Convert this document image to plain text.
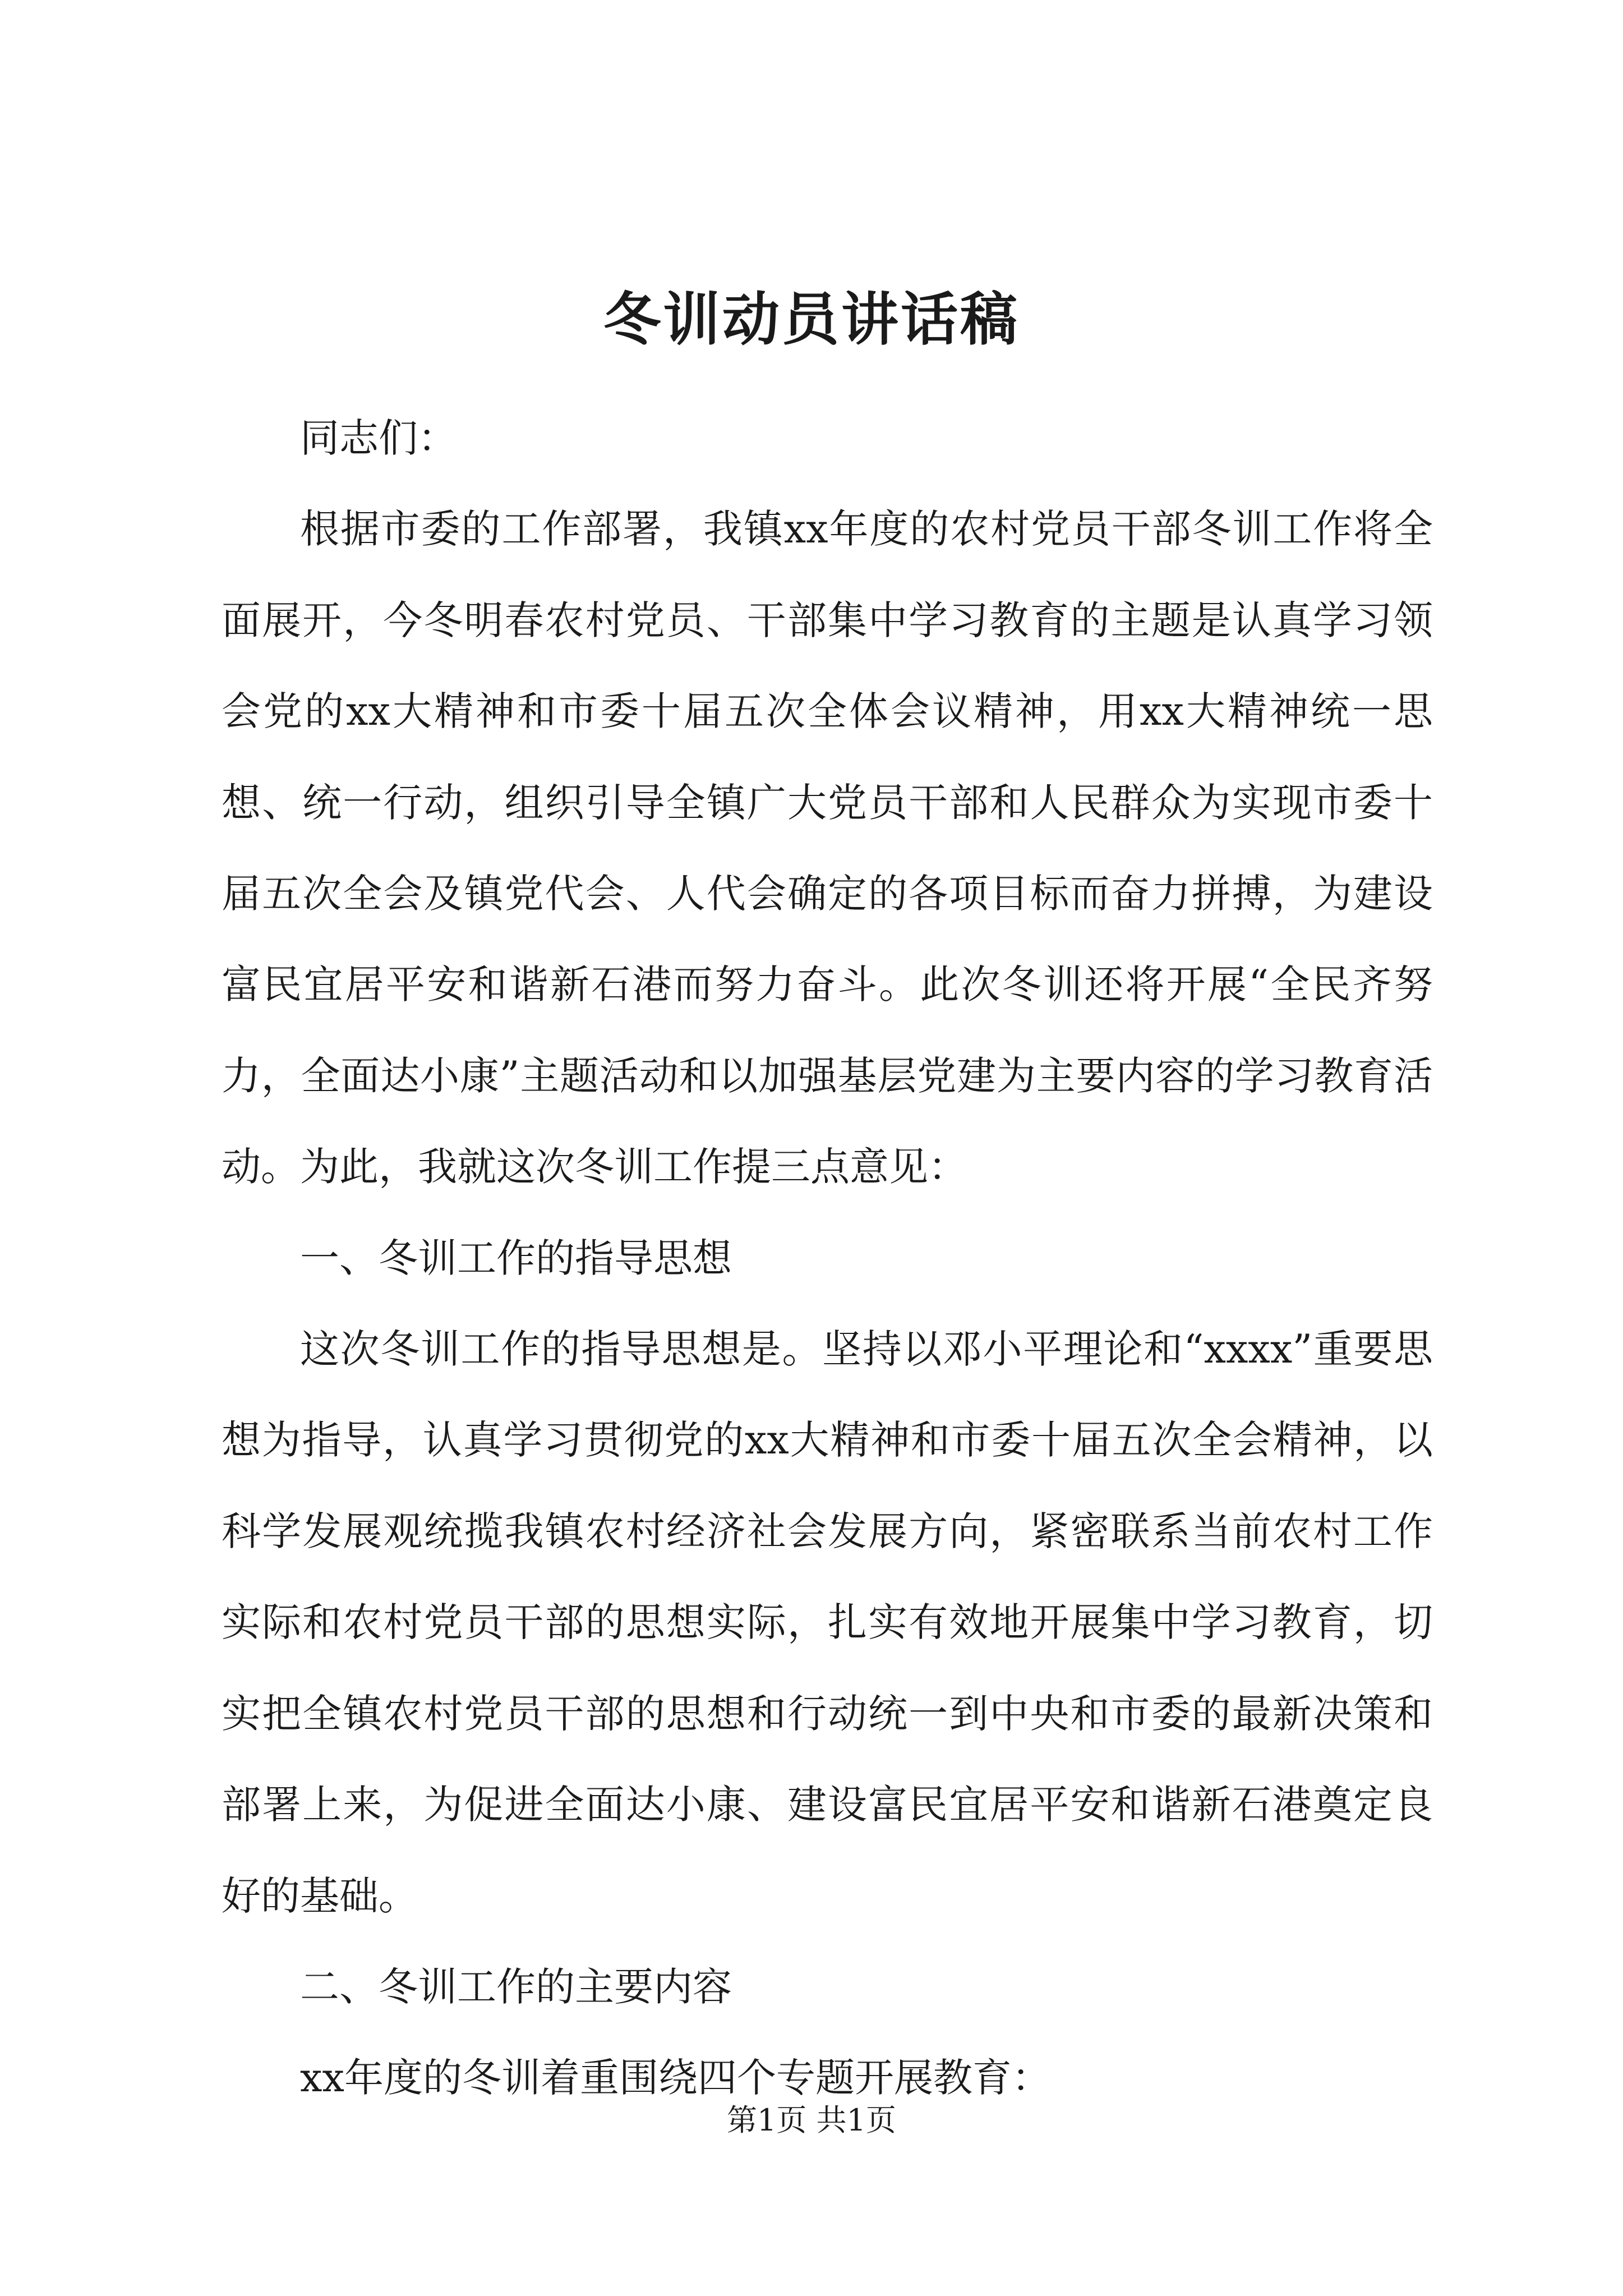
冬训动员讲话稿

同志们：

根据市委的工作部署，我镇xx年度的农村党员干部冬训工作将全面展开，今冬明春农村党员、干部集中学习教育的主题是认真学习领会党的xx大精神和市委十届五次全体会议精神，用xx大精神统一思想、统一行动，组织引导全镇广大党员干部和人民群众为实现市委十届五次全会及镇党代会、人代会确定的各项目标而奋力拼搏，为建设富民宜居平安和谐新石港而努力奋斗。此次冬训还将开展“全民齐努力，全面达小康”主题活动和以加强基层党建为主要内容的学习教育活动。为此，我就这次冬训工作提三点意见：

一、冬训工作的指导思想

这次冬训工作的指导思想是。坚持以邓小平理论和“xxxx”重要思想为指导，认真学习贯彻党的xx大精神和市委十届五次全会精神，以科学发展观统揽我镇农村经济社会发展方向，紧密联系当前农村工作实际和农村党员干部的思想实际，扎实有效地开展集中学习教育，切实把全镇农村党员干部的思想和行动统一到中央和市委的最新决策和部署上来，为促进全面达小康、建设富民宜居平安和谐新石港奠定良好的基础。

二、冬训工作的主要内容

xx年度的冬训着重围绕四个专题开展教育：

第1页 共1页
